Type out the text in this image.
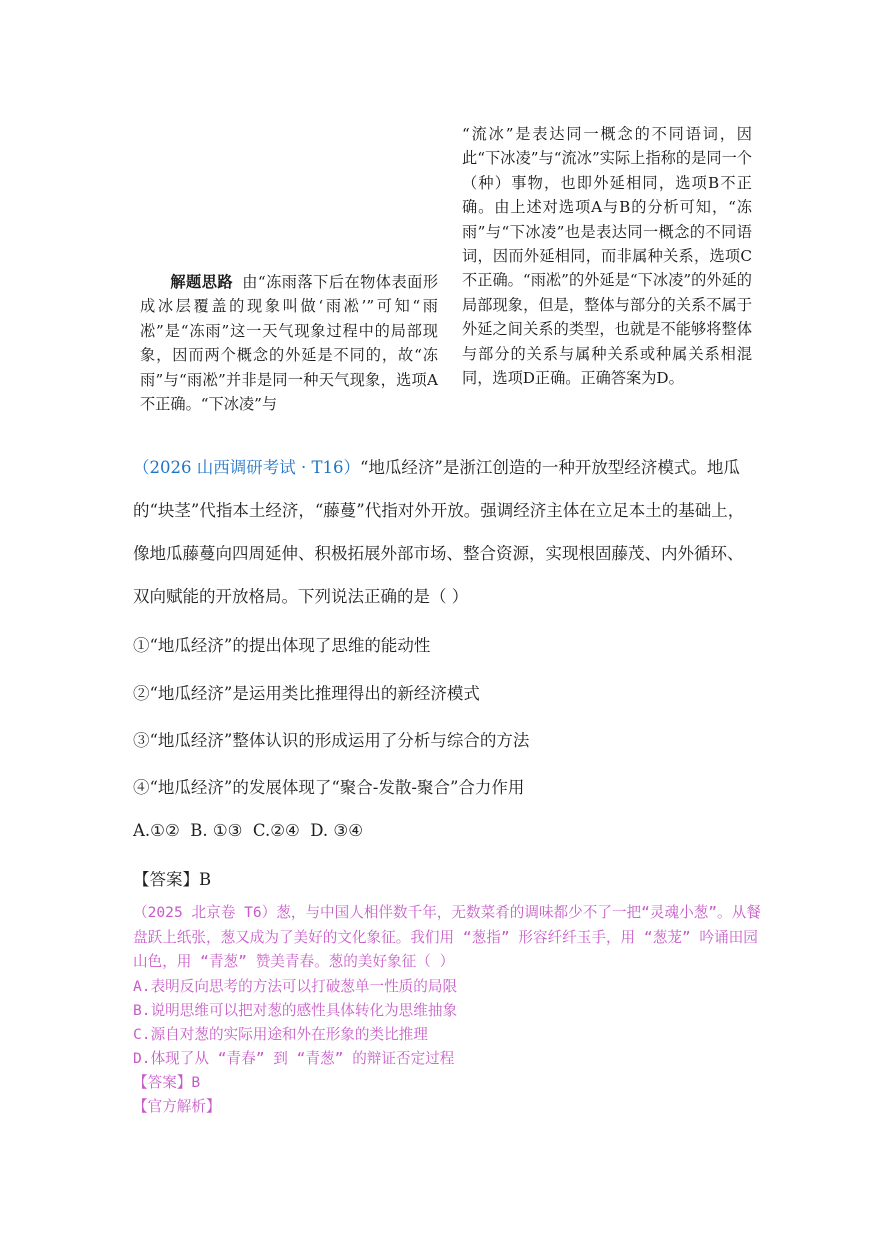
解题思路 由“冻雨落下后在物体表面形成冰层覆盖的现象叫做‘雨凇’”可知“雨凇”是“冻雨”这一天气现象过程中的局部现象，因而两个概念的外延是不同的，故“冻雨”与“雨凇”并非是同一种天气现象，选项A不正确。“下冰凌”与
“流冰”是表达同一概念的不同语词，因此“下冰凌”与“流冰”实际上指称的是同一个（种）事物，也即外延相同，选项B不正确。由上述对选项A与B的分析可知，“冻雨”与“下冰凌”也是表达同一概念的不同语词，因而外延相同，而非属种关系，选项C不正确。“雨凇”的外延是“下冰凌”的外延的局部现象，但是，整体与部分的关系不属于外延之间关系的类型，也就是不能够将整体与部分的关系与属种关系或种属关系相混同，选项D正确。正确答案为D。
（2026 山西调研考试 · T16）“地瓜经济”是浙江创造的一种开放型经济模式。地瓜的“块茎”代指本土经济，“藤蔓”代指对外开放。强调经济主体在立足本土的基础上，像地瓜藤蔓向四周延伸、积极拓展外部市场、整合资源，实现根固藤茂、内外循环、双向赋能的开放格局。下列说法正确的是（ ）
①“地瓜经济”的提出体现了思维的能动性
②“地瓜经济”是运用类比推理得出的新经济模式
③“地瓜经济”整体认识的形成运用了分析与综合的方法
④“地瓜经济”的发展体现了“聚合-发散-聚合”合力作用
A.①②  B. ①③  C.②④  D. ③④
【答案】B
（2025 北京卷 T6）葱，与中国人相伴数千年，无数菜肴的调味都少不了一把“灵魂小葱”。从餐盘跃上纸张，葱又成为了美好的文化象征。我们用 “葱指” 形容纤纤玉手，用 “葱茏” 吟诵田园山色，用 “青葱” 赞美青春。葱的美好象征（ ）
A.表明反向思考的方法可以打破葱单一性质的局限
B.说明思维可以把对葱的感性具体转化为思维抽象
C.源自对葱的实际用途和外在形象的类比推理
D.体现了从 “青春” 到 “青葱” 的辩证否定过程
【答案】B
【官方解析】
